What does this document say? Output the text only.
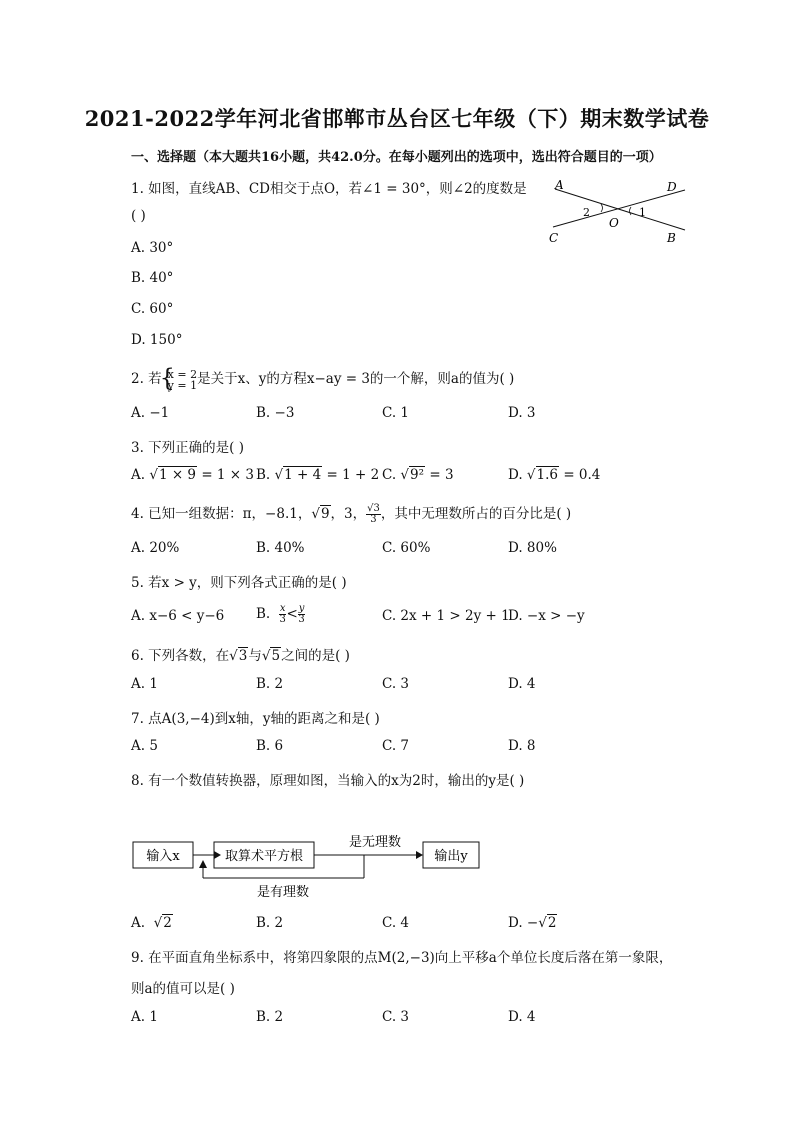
2021-2022学年河北省邯郸市丛台区七年级（下）期末数学试卷
一、选择题（本大题共16小题，共42.0分。在每小题列出的选项中，选出符合题目的一项）
1. 如图，直线AB、CD相交于点O，若∠1 = 30°，则∠2的度数是
( )
A. 30°
B. 40°
C. 60°
D. 150°
A	D
C	B
O
1
2
2. 若
{ x = 2
y = 1 是关于x、y的方程x−ay = 3的一个解，则a的值为( )
A. −1	B. −3	C. 1	D. 3
3. 下列正确的是( )
A. √1 × 9 = 1 × 3 B. √1 + 4 = 1 + 2 C. √9² = 3	D. √1.6 = 0.4
4. 已知一组数据：π，−8.1，√9，3， $\frac{√3}{3}$ ，其中无理数所占的百分比是( )
A. 20%	B. 40%	C. 60%	D. 80%
5. 若x > y，则下列各式正确的是( )
A. x−6 < y−6 B. $\frac{x}{3} < \frac{y}{3}$	C. 2x + 1 > 2y + 1
D. −x > −y
6. 下列各数，在√3与√5之间的是( )
A. 1	B. 2	C. 3	D. 4
7. 点A(3,−4)到x轴，y轴的距离之和是( )
A. 5	B. 6	C. 7	D. 8
8. 有一个数值转换器，原理如图，当输入的x为2时，输出的y是( )
输入x	取算术平方根
是无理数
输出y
是有理数
A.  √2	B. 2	C. 4	D. −√2
9. 在平面直角坐标系中，将第四象限的点M(2,−3)向上平移a个单位长度后落在第一象限，
则a的值可以是( )
A. 1	B. 2	C. 3	D. 4
